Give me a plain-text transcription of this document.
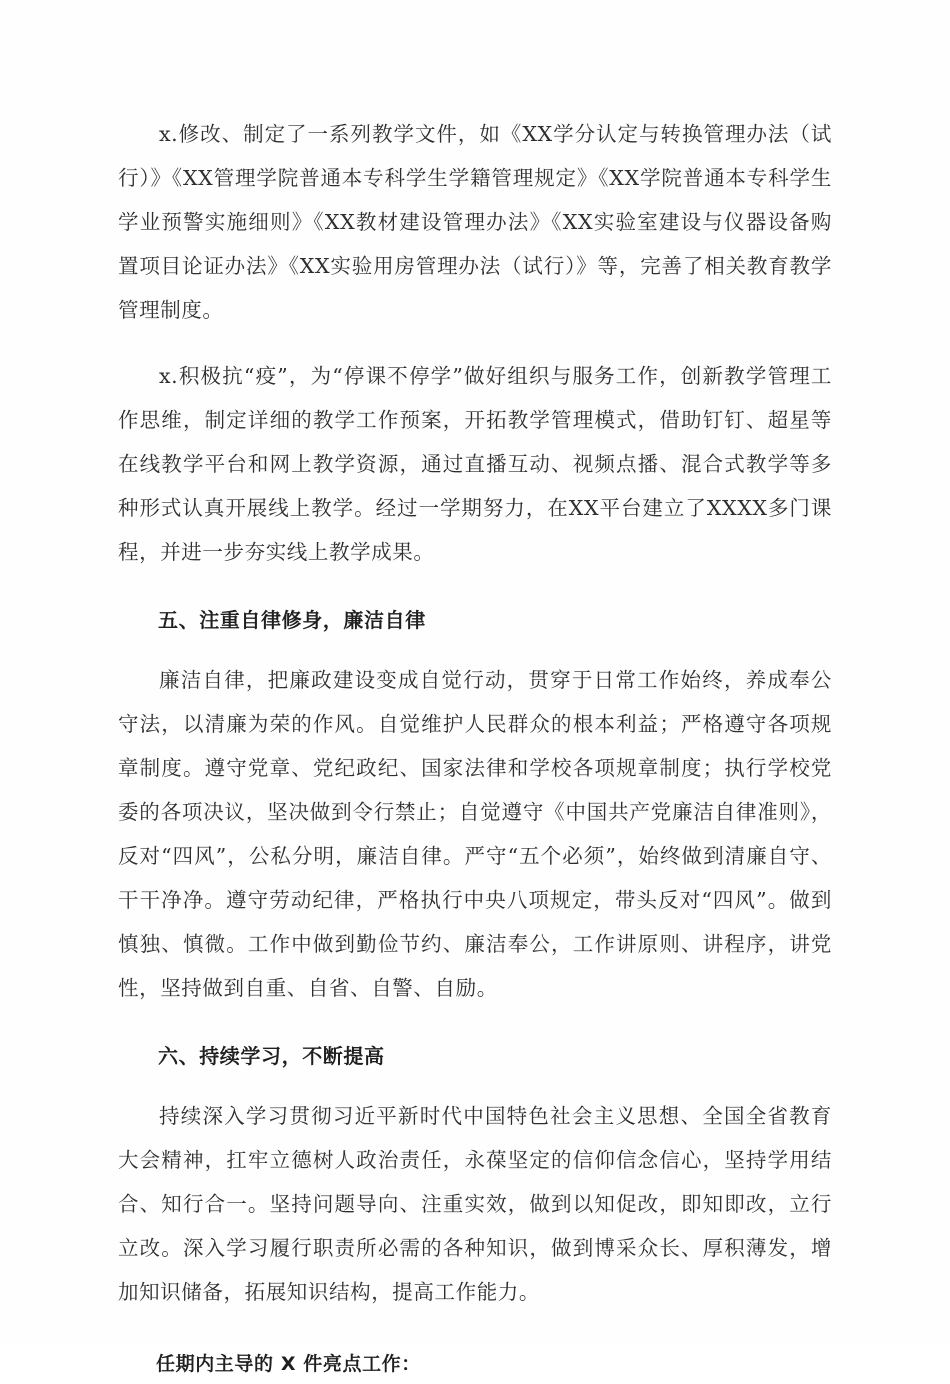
x.修改、制定了一系列教学文件，如《XX学分认定与转换管理办法（试行）》《XX管理学院普通本专科学生学籍管理规定》《XX学院普通本专科学生学业预警实施细则》《XX教材建设管理办法》《XX实验室建设与仪器设备购置项目论证办法》《XX实验用房管理办法（试行）》等，完善了相关教育教学管理制度。

x.积极抗“疫”，为“停课不停学”做好组织与服务工作，创新教学管理工作思维，制定详细的教学工作预案，开拓教学管理模式，借助钉钉、超星等在线教学平台和网上教学资源，通过直播互动、视频点播、混合式教学等多种形式认真开展线上教学。经过一学期努力，在XX平台建立了XXXX多门课程，并进一步夯实线上教学成果。

五、注重自律修身，廉洁自律

廉洁自律，把廉政建设变成自觉行动，贯穿于日常工作始终，养成奉公守法，以清廉为荣的作风。自觉维护人民群众的根本利益；严格遵守各项规章制度。遵守党章、党纪政纪、国家法律和学校各项规章制度；执行学校党委的各项决议，坚决做到令行禁止；自觉遵守《中国共产党廉洁自律准则》，反对“四风”，公私分明，廉洁自律。严守“五个必须”，始终做到清廉自守、干干净净。遵守劳动纪律，严格执行中央八项规定，带头反对“四风”。做到慎独、慎微。工作中做到勤俭节约、廉洁奉公，工作讲原则、讲程序，讲党性，坚持做到自重、自省、自警、自励。

六、持续学习，不断提高

持续深入学习贯彻习近平新时代中国特色社会主义思想、全国全省教育大会精神，扛牢立德树人政治责任，永葆坚定的信仰信念信心，坚持学用结合、知行合一。坚持问题导向、注重实效，做到以知促改，即知即改，立行立改。深入学习履行职责所必需的各种知识，做到博采众长、厚积薄发，增加知识储备，拓展知识结构，提高工作能力。

任期内主导的 X 件亮点工作：
